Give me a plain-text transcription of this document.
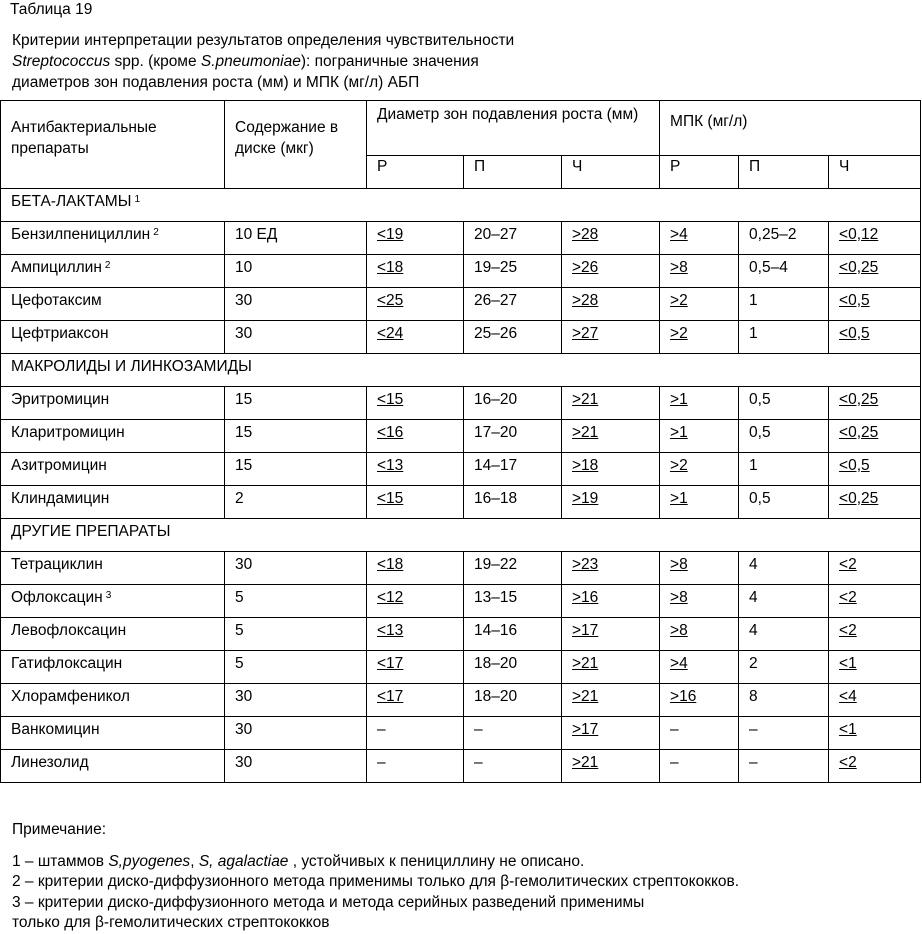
Таблица 19
Критерии интерпретации результатов определения чувствительности
Streptococcus spp. (кроме S.pneumoniae): пограничные значения
диаметров зон подавления роста (мм) и МПК (мг/л) АБП
Антибактериальные препараты	Содержание в диске (мкг)	Диаметр зон подавления роста (мм)			МПК (мг/л)		
		Р	П	Ч	Р	П	Ч
БЕТА-ЛАКТАМЫ $^1$
Бензилпенициллин $^2$	10 ЕД	<19	20–27	>28	>4	0,25–2	<0,12
Ампициллин $^2$	10	<18	19–25	>26	>8	0,5–4	<0,25
Цефотаксим	30	<25	26–27	>28	>2	1	<0,5
Цефтриаксон	30	<24	25–26	>27	>2	1	<0,5
МАКРОЛИДЫ И ЛИНКОЗАМИДЫ							
Эритромицин	15	<15	16–20	>21	>1	0,5	<0,25
Кларитромицин	15	<16	17–20	>21	>1	0,5	<0,25
Азитромицин	15	<13	14–17	>18	>2	1	<0,5
Клиндамицин	2	<15	16–18	>19	>1	0,5	<0,25
ДРУГИЕ ПРЕПАРАТЫ							
Тетрациклин	30	<18	19–22	>23	>8	4	<2
Офлоксацин $^3$	5	<12	13–15	>16	>8	4	<2
Левофлоксацин	5	<13	14–16	>17	>8	4	<2
Гатифлоксацин	5	<17	18–20	>21	>4	2	<1
Хлорамфеникол	30	<17	18–20	>21	>16	8	<4
Ванкомицин	30	–	–	>17	–	–	<1
Линезолид	30	–	–	>21	–	–	<2
Примечание:
1 – штаммов S,pyogenes, S, agalactiae , устойчивых к пенициллину не описано.
2 – критерии диско-диффузионного метода применимы только для β-гемолитических стрептококков.
3 – критерии диско-диффузионного метода и метода серийных разведений применимы
только для β-гемолитических стрептококков
